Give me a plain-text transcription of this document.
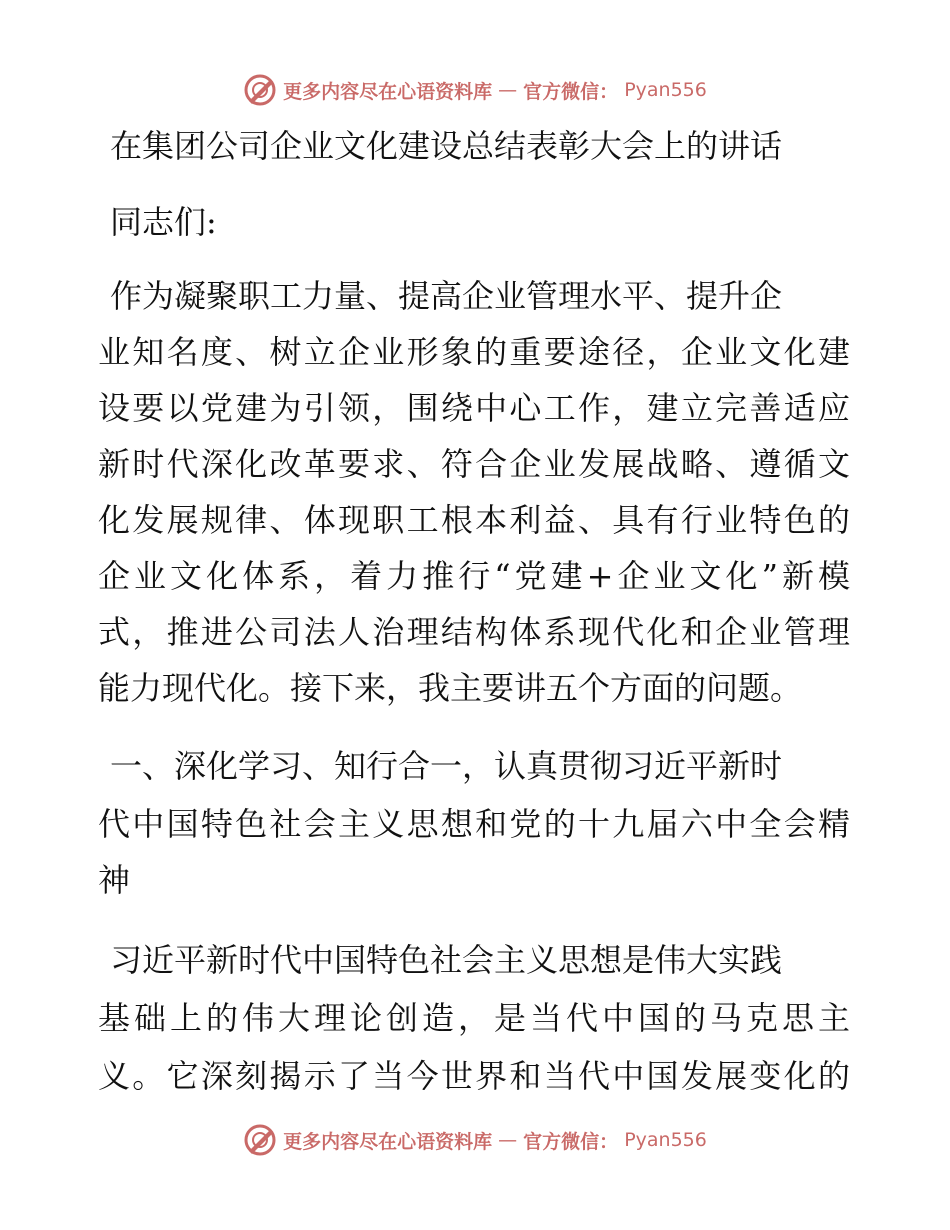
更多内容尽在心语资料库 — 官方微信： Pyan556
在集团公司企业文化建设总结表彰大会上的讲话
同志们:
作为凝聚职工力量、提高企业管理水平、提升企
业知名度、树立企业形象的重要途径，企业文化建
设要以党建为引领，围绕中心工作，建立完善适应
新时代深化改革要求、符合企业发展战略、遵循文
化发展规律、体现职工根本利益、具有行业特色的
企业文化体系，着力推行“党建+企业文化”新模
式，推进公司法人治理结构体系现代化和企业管理
能力现代化。接下来，我主要讲五个方面的问题。
一、深化学习、知行合一，认真贯彻习近平新时
代中国特色社会主义思想和党的十九届六中全会精
神
习近平新时代中国特色社会主义思想是伟大实践
基础上的伟大理论创造，是当代中国的马克思主
义。它深刻揭示了当今世界和当代中国发展变化的
更多内容尽在心语资料库 — 官方微信： Pyan556
